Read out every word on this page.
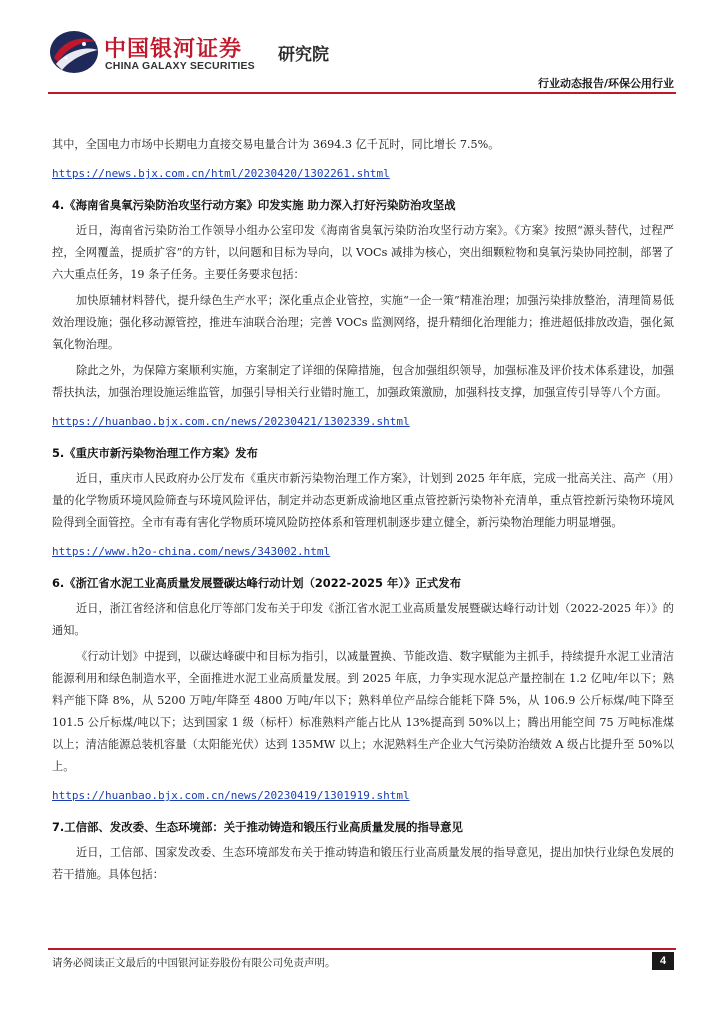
中国银河证券
CHINA GALAXY SECURITIES
研究院
行业动态报告/环保公用行业

其中，全国电力市场中长期电力直接交易电量合计为 3694.3 亿千瓦时，同比增长 7.5%。

https://news.bjx.com.cn/html/20230420/1302261.shtml
4.《海南省臭氧污染防治攻坚行动方案》印发实施 助力深入打好污染防治攻坚战

近日，海南省污染防治工作领导小组办公室印发《海南省臭氧污染防治攻坚行动方案》。《方案》按照“源头替代，过程严控，全网覆盖，提质扩容”的方针，以问题和目标为导向，以 VOCs 减排为核心，突出细颗粒物和臭氧污染协同控制，部署了六大重点任务，19 条子任务。主要任务要求包括：

加快原辅材料替代，提升绿色生产水平；深化重点企业管控，实施“一企一策”精准治理；加强污染排放整治，清理简易低效治理设施；强化移动源管控，推进车油联合治理；完善 VOCs 监测网络，提升精细化治理能力；推进超低排放改造，强化氮氧化物治理。

除此之外，为保障方案顺利实施，方案制定了详细的保障措施，包含加强组织领导，加强标准及评价技术体系建设，加强帮扶执法，加强治理设施运维监管，加强引导相关行业错时施工，加强政策激励，加强科技支撑，加强宣传引导等八个方面。

https://huanbao.bjx.com.cn/news/20230421/1302339.shtml
5.《重庆市新污染物治理工作方案》发布

近日，重庆市人民政府办公厅发布《重庆市新污染物治理工作方案》，计划到 2025 年年底，完成一批高关注、高产（用）量的化学物质环境风险筛查与环境风险评估，制定并动态更新成渝地区重点管控新污染物补充清单，重点管控新污染物环境风险得到全面管控。全市有毒有害化学物质环境风险防控体系和管理机制逐步建立健全，新污染物治理能力明显增强。

https://www.h2o-china.com/news/343002.html
6.《浙江省水泥工业高质量发展暨碳达峰行动计划（2022-2025 年）》正式发布

近日，浙江省经济和信息化厅等部门发布关于印发《浙江省水泥工业高质量发展暨碳达峰行动计划（2022-2025 年）》的通知。

《行动计划》中提到，以碳达峰碳中和目标为指引，以减量置换、节能改造、数字赋能为主抓手，持续提升水泥工业清洁能源利用和绿色制造水平，全面推进水泥工业高质量发展。到 2025 年底，力争实现水泥总产量控制在 1.2 亿吨/年以下；熟料产能下降 8%，从 5200 万吨/年降至 4800 万吨/年以下；熟料单位产品综合能耗下降 5%，从 106.9 公斤标煤/吨下降至 101.5 公斤标煤/吨以下；达到国家 1 级（标杆）标准熟料产能占比从 13%提高到 50%以上；腾出用能空间 75 万吨标准煤以上；清洁能源总装机容量（太阳能光伏）达到 135MW 以上；水泥熟料生产企业大气污染防治绩效 A 级占比提升至 50%以上。

https://huanbao.bjx.com.cn/news/20230419/1301919.shtml
7.工信部、发改委、生态环境部：关于推动铸造和锻压行业高质量发展的指导意见

近日，工信部、国家发改委、生态环境部发布关于推动铸造和锻压行业高质量发展的指导意见，提出加快行业绿色发展的若干措施。具体包括：

请务必阅读正文最后的中国银河证券股份有限公司免责声明。	4
